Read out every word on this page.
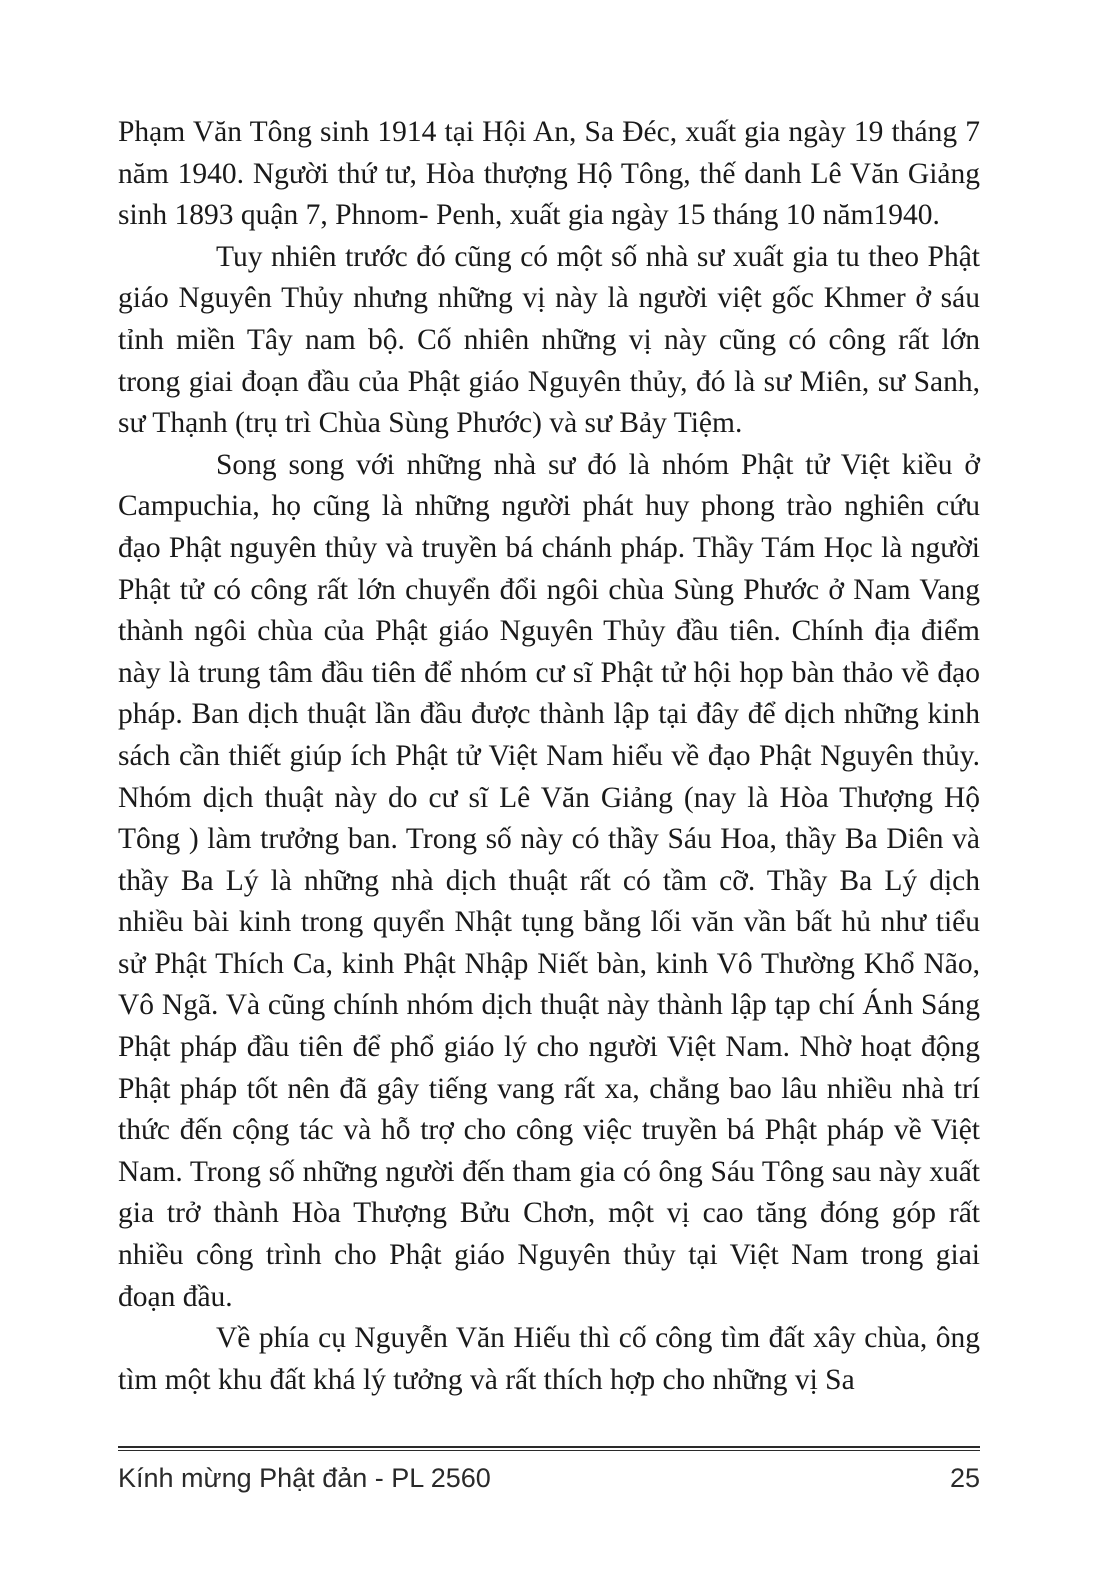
Phạm Văn Tông sinh 1914 tại Hội An, Sa Đéc, xuất gia ngày 19 tháng 7 năm 1940. Người thứ tư, Hòa thượng Hộ Tông, thế danh Lê Văn Giảng sinh 1893 quận 7, Phnom- Penh, xuất gia ngày 15 tháng 10 năm1940.

Tuy nhiên trước đó cũng có một số nhà sư xuất gia tu theo Phật giáo Nguyên Thủy nhưng những vị này là người việt gốc Khmer ở sáu tỉnh miền Tây nam bộ. Cố nhiên những vị này cũng có công rất lớn trong giai đoạn đầu của Phật giáo Nguyên thủy, đó là sư Miên, sư Sanh, sư Thạnh (trụ trì Chùa Sùng Phước) và sư Bảy Tiệm.

Song song với những nhà sư đó là nhóm Phật tử Việt kiều ở Campuchia, họ cũng là những người phát huy phong trào nghiên cứu đạo Phật nguyên thủy và truyền bá chánh pháp. Thầy Tám Học là người Phật tử có công rất lớn chuyển đổi ngôi chùa Sùng Phước ở Nam Vang thành ngôi chùa của Phật giáo Nguyên Thủy đầu tiên. Chính địa điểm này là trung tâm đầu tiên để nhóm cư sĩ Phật tử hội họp bàn thảo về đạo pháp. Ban dịch thuật lần đầu được thành lập tại đây để dịch những kinh sách cần thiết giúp ích Phật tử Việt Nam hiểu về đạo Phật Nguyên thủy. Nhóm dịch thuật này do cư sĩ Lê Văn Giảng (nay là Hòa Thượng Hộ Tông ) làm trưởng ban. Trong số này có thầy Sáu Hoa, thầy Ba Diên và thầy Ba Lý là những nhà dịch thuật rất có tầm cỡ. Thầy Ba Lý dịch nhiều bài kinh trong quyển Nhật tụng bằng lối văn vần bất hủ như tiểu sử Phật Thích Ca, kinh Phật Nhập Niết bàn, kinh Vô Thường Khổ Não, Vô Ngã. Và cũng chính nhóm dịch thuật này thành lập tạp chí Ánh Sáng Phật pháp đầu tiên để phổ giáo lý cho người Việt Nam. Nhờ hoạt động Phật pháp tốt nên đã gây tiếng vang rất xa, chẳng bao lâu nhiều nhà trí thức đến cộng tác và hỗ trợ cho công việc truyền bá Phật pháp về Việt Nam. Trong số những người đến tham gia có ông Sáu Tông sau này xuất gia trở thành Hòa Thượng Bửu Chơn, một vị cao tăng đóng góp rất nhiều công trình cho Phật giáo Nguyên thủy tại Việt Nam trong giai đoạn đầu.

Về phía cụ Nguyễn Văn Hiếu thì cố công tìm đất xây chùa, ông tìm một khu đất khá lý tưởng và rất thích hợp cho những vị Sa

Kính mừng Phật đản - PL 2560	25
